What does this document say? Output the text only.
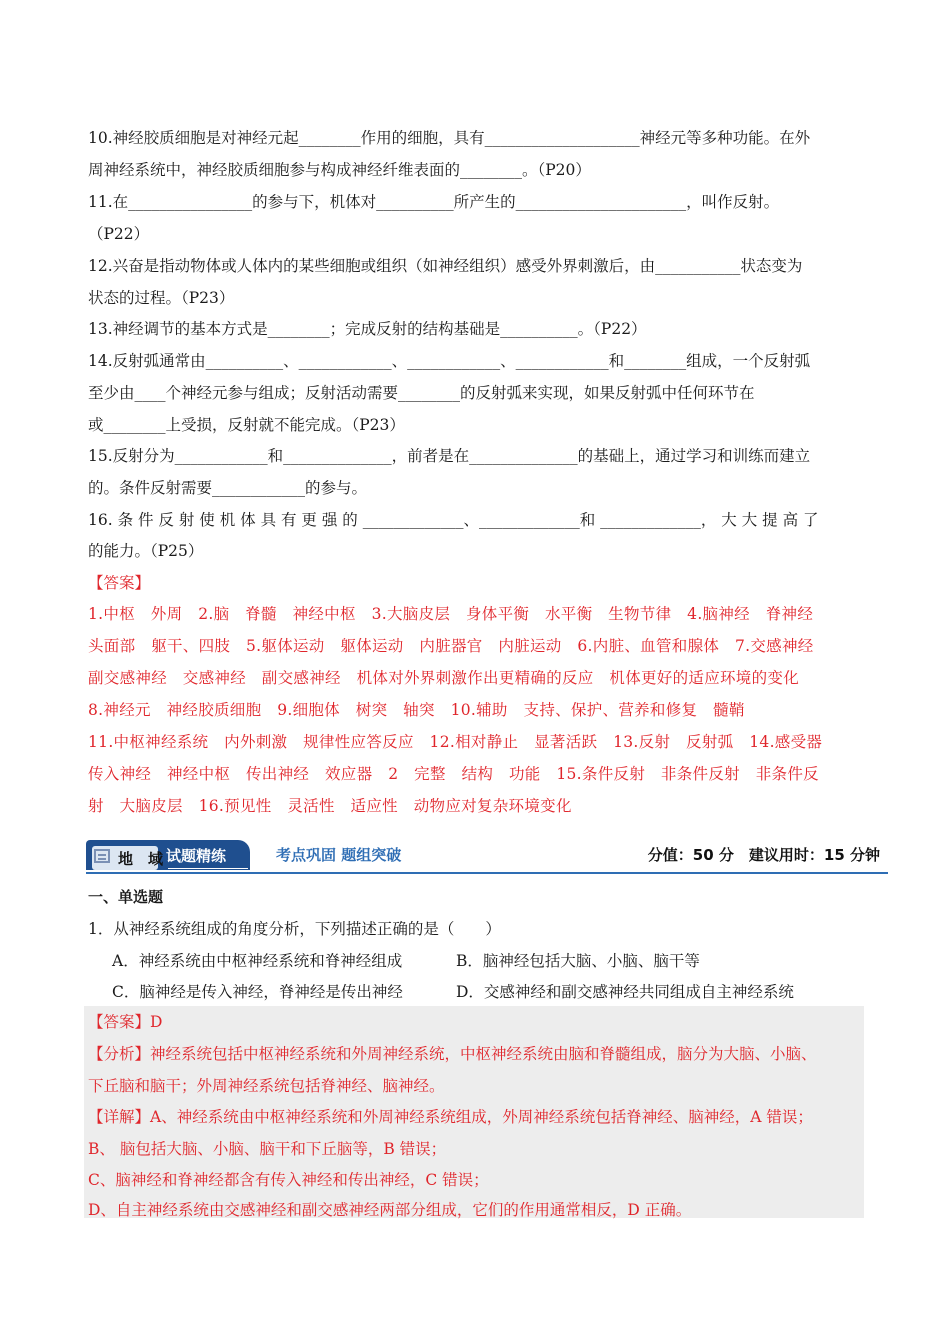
10.神经胶质细胞是对神经元起________作用的细胞，具有____________________神经元等多种功能。在外
周神经系统中，神经胶质细胞参与构成神经纤维表面的________。（P20）
11.在________________的参与下，机体对__________所产生的______________________，叫作反射。
（P22）
12.兴奋是指动物体或人体内的某些细胞或组织（如神经组织）感受外界刺激后，由___________状态变为
状态的过程。（P23）
13.神经调节的基本方式是________；完成反射的结构基础是__________。（P22）
14.反射弧通常由__________、____________、____________、____________和________组成，一个反射弧
至少由____个神经元参与组成；反射活动需要________的反射弧来实现，如果反射弧中任何环节在
或________上受损，反射就不能完成。（P23）
15.反射分为____________和______________，前者是在______________的基础上，通过学习和训练而建立
的。条件反射需要____________的参与。
16. 条 件 反 射 使 机 体 具 有 更 强 的 _____________、_____________和 _____________， 大 大 提 高 了
的能力。（P25）
【答案】
1.中枢　外周　2.脑　脊髓　神经中枢　3.大脑皮层　身体平衡　水平衡　生物节律　4.脑神经　脊神经
头面部　躯干、四肢　5.躯体运动　躯体运动　内脏器官　内脏运动　6.内脏、血管和腺体　7.交感神经
副交感神经　交感神经　副交感神经　机体对外界刺激作出更精确的反应　机体更好的适应环境的变化
8.神经元　神经胶质细胞　9.细胞体　树突　轴突　10.辅助　支持、保护、营养和修复　髓鞘
11.中枢神经系统　内外刺激　规律性应答反应　12.相对静止　显著活跃　13.反射　反射弧　14.感受器
传入神经　神经中枢　传出神经　效应器　2　完整　结构　功能　15.条件反射　非条件反射　非条件反
射　大脑皮层　16.预见性　灵活性　适应性　动物应对复杂环境变化
地　域 试题精练	考点巩固 题组突破	分值：50 分　建议用时：15 分钟
一、单选题
1．从神经系统组成的角度分析，下列描述正确的是（　　）
A．神经系统由中枢神经系统和脊神经组成	B．脑神经包括大脑、小脑、脑干等
C．脑神经是传入神经，脊神经是传出神经	D．交感神经和副交感神经共同组成自主神经系统
【答案】D
【分析】神经系统包括中枢神经系统和外周神经系统，中枢神经系统由脑和脊髓组成，脑分为大脑、小脑、
下丘脑和脑干；外周神经系统包括脊神经、脑神经。
【详解】A、神经系统由中枢神经系统和外周神经系统组成，外周神经系统包括脊神经、脑神经，A 错误；
B、 脑包括大脑、小脑、脑干和下丘脑等，B 错误；
C、脑神经和脊神经都含有传入神经和传出神经，C 错误；
D、自主神经系统由交感神经和副交感神经两部分组成，它们的作用通常相反，D 正确。
